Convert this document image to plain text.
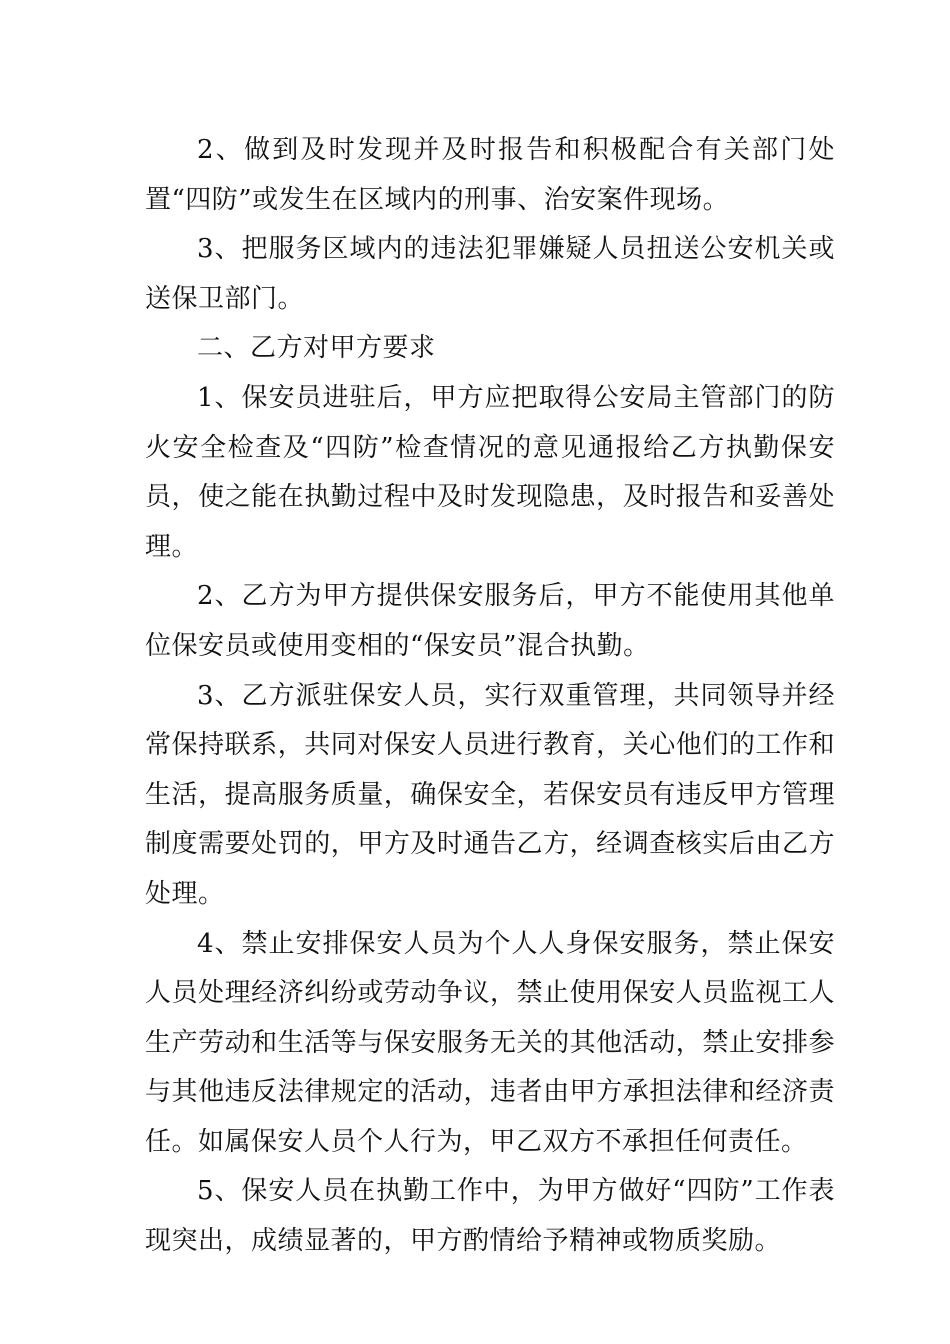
2、做到及时发现并及时报告和积极配合有关部门处置“四防”或发生在区域内的刑事、治安案件现场。

3、把服务区域内的违法犯罪嫌疑人员扭送公安机关或送保卫部门。

二、乙方对甲方要求

1、保安员进驻后，甲方应把取得公安局主管部门的防火安全检查及“四防”检查情况的意见通报给乙方执勤保安员，使之能在执勤过程中及时发现隐患，及时报告和妥善处理。

2、乙方为甲方提供保安服务后，甲方不能使用其他单位保安员或使用变相的“保安员”混合执勤。

3、乙方派驻保安人员，实行双重管理，共同领导并经常保持联系，共同对保安人员进行教育，关心他们的工作和生活，提高服务质量，确保安全，若保安员有违反甲方管理制度需要处罚的，甲方及时通告乙方，经调查核实后由乙方处理。

4、禁止安排保安人员为个人人身保安服务，禁止保安人员处理经济纠纷或劳动争议，禁止使用保安人员监视工人生产劳动和生活等与保安服务无关的其他活动，禁止安排参与其他违反法律规定的活动，违者由甲方承担法律和经济责任。如属保安人员个人行为，甲乙双方不承担任何责任。

5、保安人员在执勤工作中，为甲方做好“四防”工作表现突出，成绩显著的，甲方酌情给予精神或物质奖励。
